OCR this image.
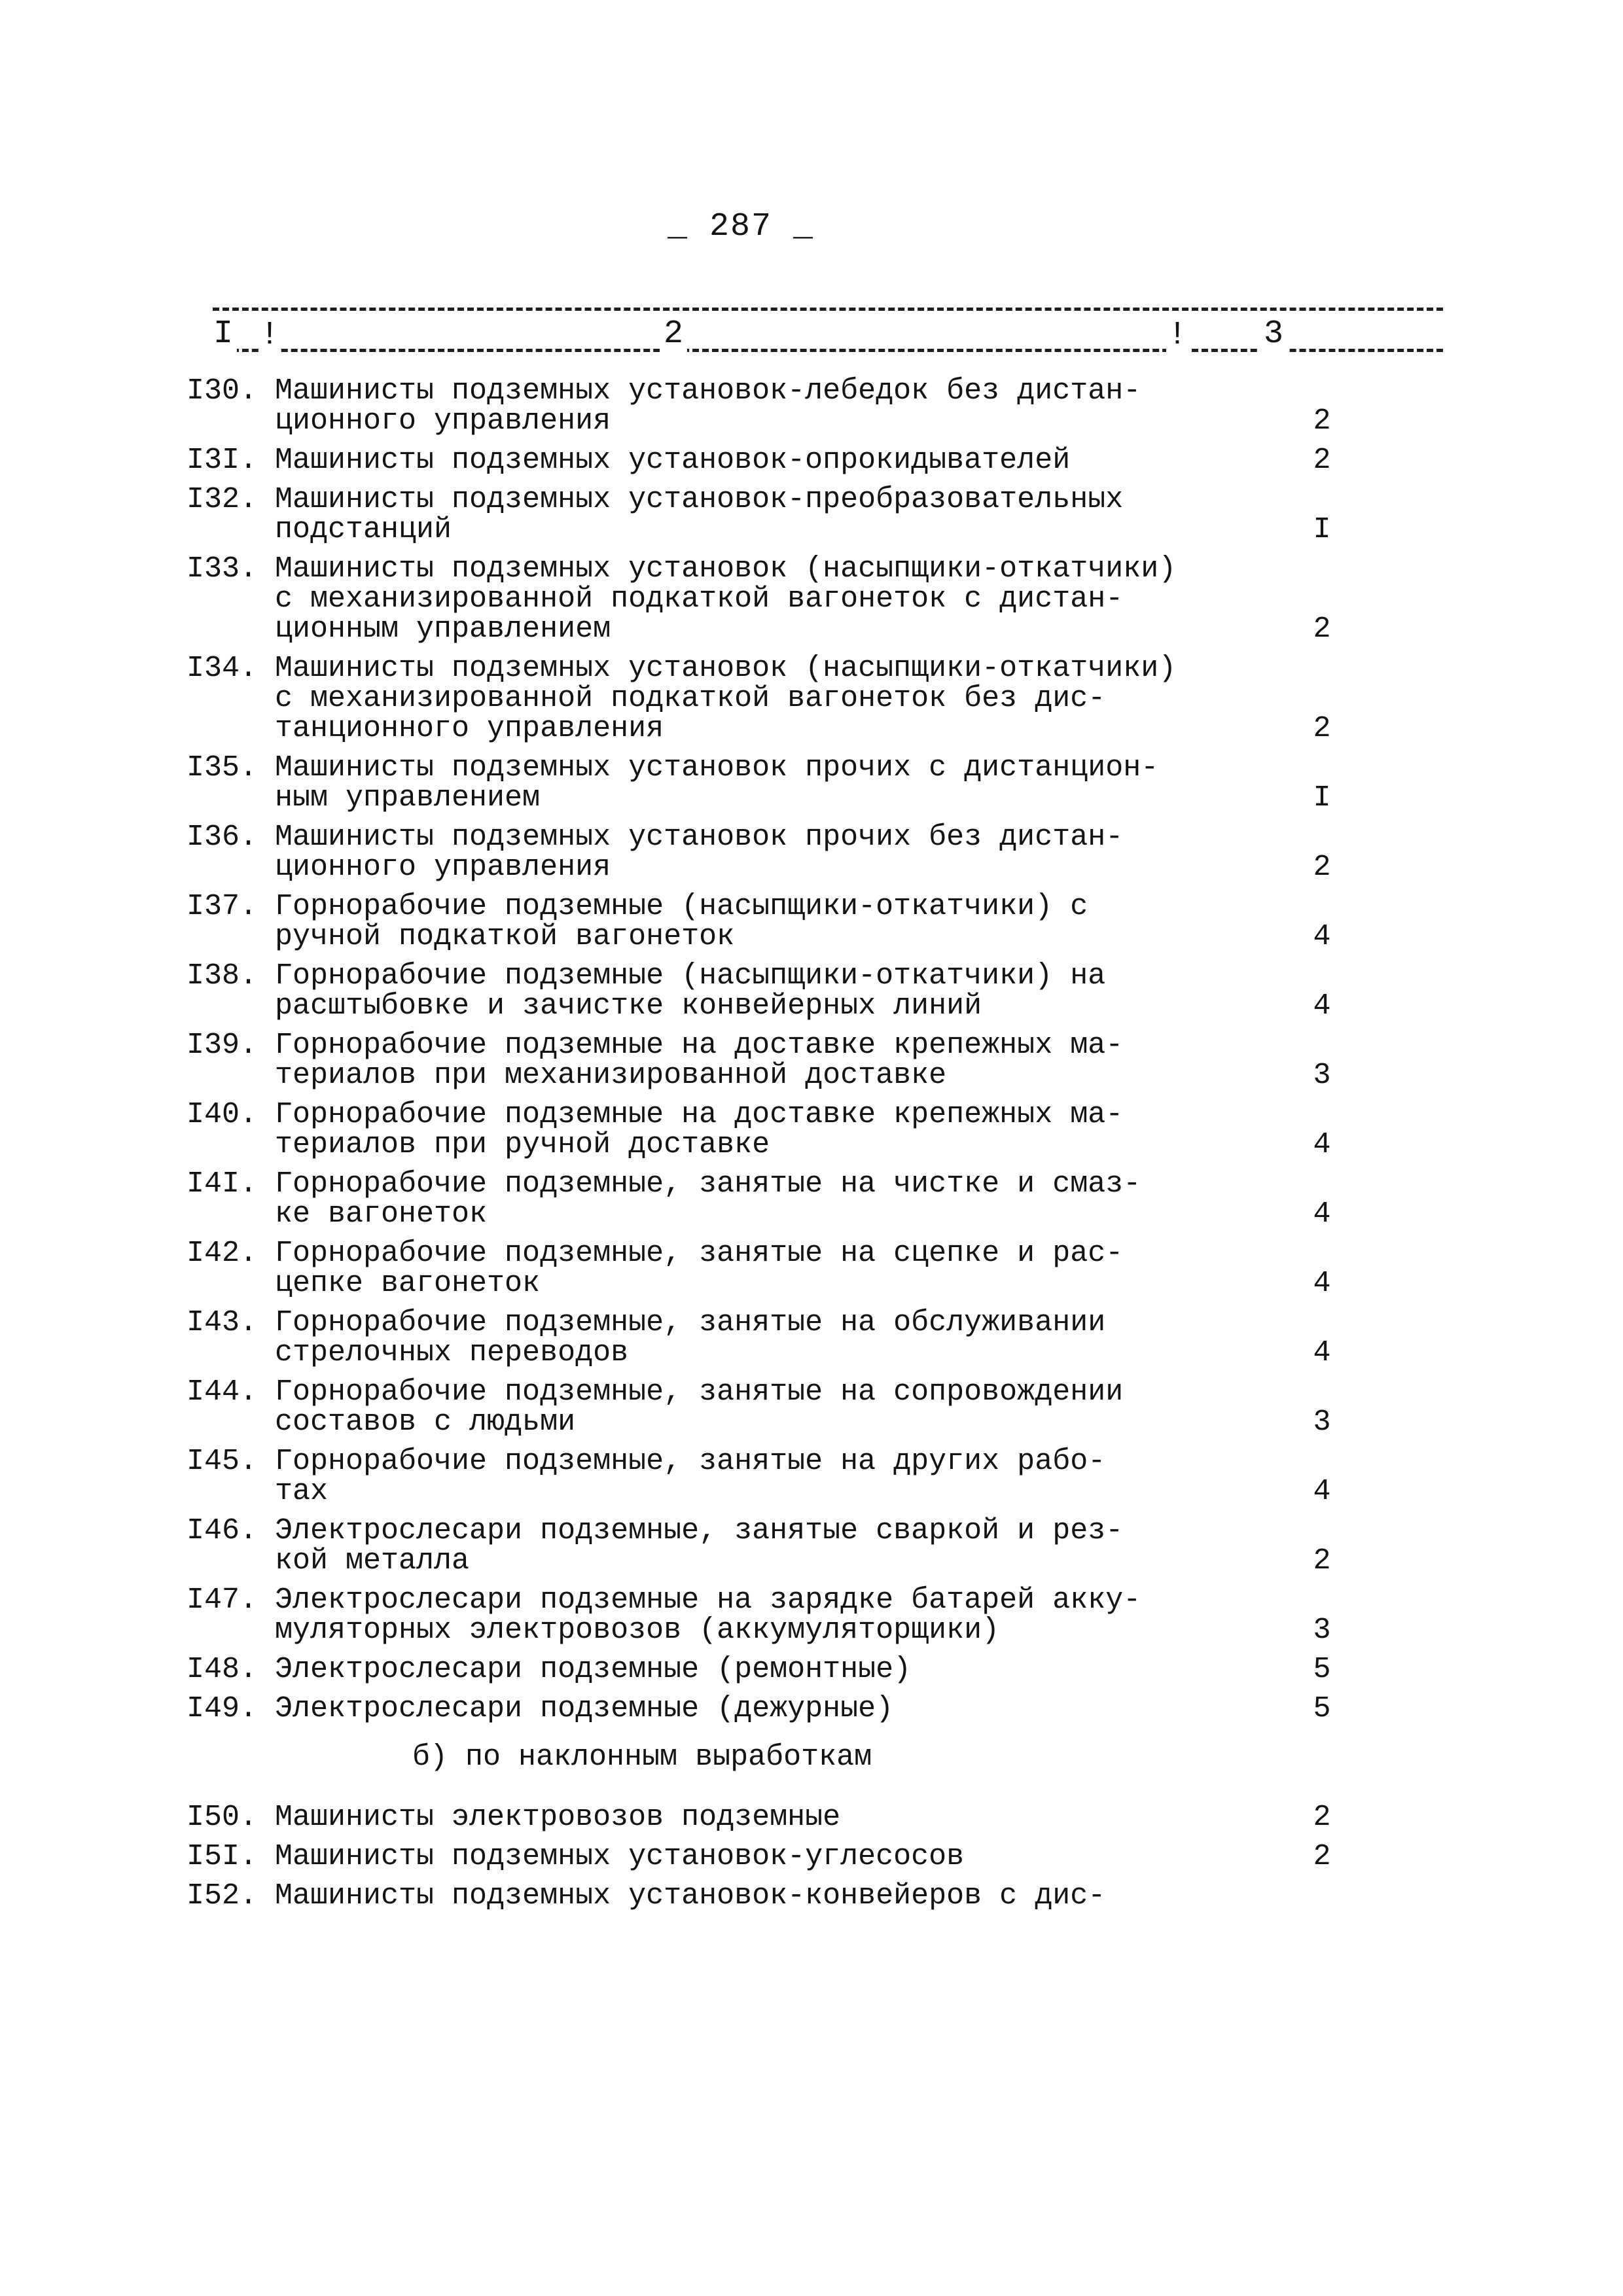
_ 287 _
I !	2	! 3
I30. Машинисты подземных установок-лебедок без дистан-
ционного управления	2
I3I. Машинисты подземных установок-опрокидывателей	2
I32. Машинисты подземных установок-преобразовательных
подстанций	I
I33. Машинисты подземных установок (насыпщики-откатчики)
с механизированной подкаткой вагонеток с дистан-
ционным управлением	2
I34. Машинисты подземных установок (насыпщики-откатчики)
с механизированной подкаткой вагонеток без дис-
танционного управления	2
I35. Машинисты подземных установок прочих с дистанцион-
ным управлением	I
I36. Машинисты подземных установок прочих без дистан-
ционного управления	2
I37. Горнорабочие подземные (насыпщики-откатчики) с
ручной подкаткой вагонеток	4
I38. Горнорабочие подземные (насыпщики-откатчики) на
расштыбовке и зачистке конвейерных линий	4
I39. Горнорабочие подземные на доставке крепежных ма-
териалов при механизированной доставке	3
I40. Горнорабочие подземные на доставке крепежных ма-
териалов при ручной доставке	4
I4I. Горнорабочие подземные, занятые на чистке и смаз-
ке вагонеток	4
I42. Горнорабочие подземные, занятые на сцепке и рас-
цепке вагонеток	4
I43. Горнорабочие подземные, занятые на обслуживании
стрелочных переводов	4
I44. Горнорабочие подземные, занятые на сопровождении
составов с людьми	3
I45. Горнорабочие подземные, занятые на других рабо-
тах	4
I46. Электрослесари подземные, занятые сваркой и рез-
кой металла	2
I47. Электрослесари подземные на зарядке батарей акку-
муляторных электровозов (аккумуляторщики)	3
I48. Электрослесари подземные (ремонтные)	5
I49. Электрослесари подземные (дежурные)	5
б) по наклонным выработкам
I50. Машинисты электровозов подземные	2
I5I. Машинисты подземных установок-углесосов	2
I52. Машинисты подземных установок-конвейеров с дис-
